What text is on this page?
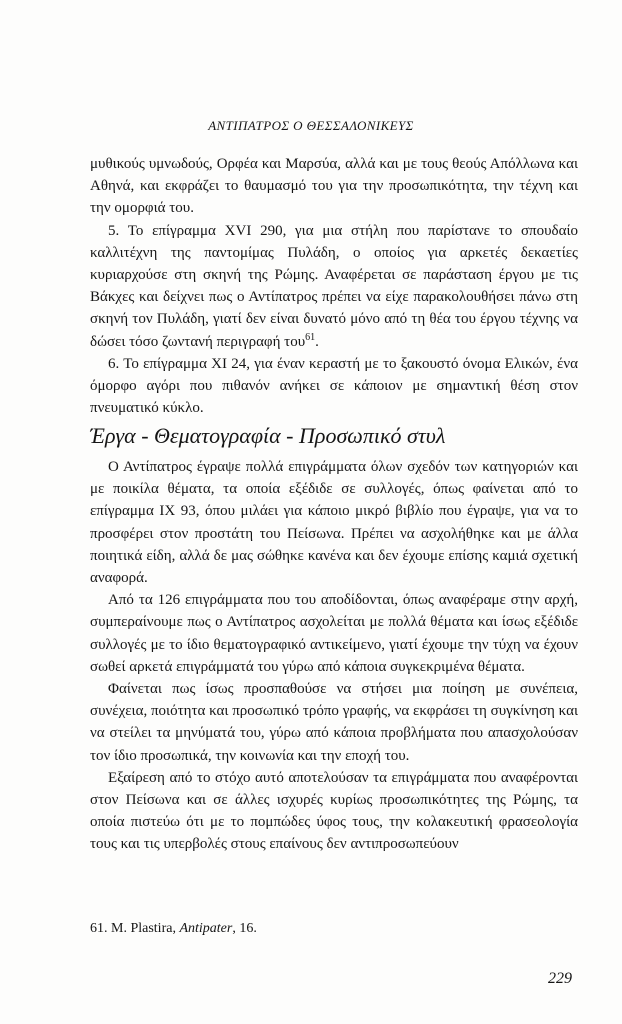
ΑΝΤΙΠΑΤΡΟΣ Ο ΘΕΣΣΑΛΟΝΙΚΕΥΣ

μυθικούς υμνωδούς, Ορφέα και Μαρσύα, αλλά και με τους θεούς Απόλλωνα και Αθηνά, και εκφράζει το θαυμασμό του για την προσωπικότητα, την τέχνη και την ομορφιά του.

5. Το επίγραμμα XVI 290, για μια στήλη που παρίστανε το σπουδαίο καλλιτέχνη της παντομίμας Πυλάδη, ο οποίος για αρκετές δεκαετίες κυριαρχούσε στη σκηνή της Ρώμης. Αναφέρεται σε παράσταση έργου με τις Βάκχες και δείχνει πως ο Αντίπατρος πρέπει να είχε παρακολουθήσει πάνω στη σκηνή τον Πυλάδη, γιατί δεν είναι δυνατό μόνο από τη θέα του έργου τέχνης να δώσει τόσο ζωντανή περιγραφή του$^{61}$.

6. Το επίγραμμα XI 24, για έναν κεραστή με το ξακουστό όνομα Ελικών, ένα όμορφο αγόρι που πιθανόν ανήκει σε κάποιον με σημαντική θέση στον πνευματικό κύκλο.

Έργα - Θεματογραφία - Προσωπικό στυλ

Ο Αντίπατρος έγραψε πολλά επιγράμματα όλων σχεδόν των κατηγοριών και με ποικίλα θέματα, τα οποία εξέδιδε σε συλλογές, όπως φαίνεται από το επίγραμμα IX 93, όπου μιλάει για κάποιο μικρό βιβλίο που έγραψε, για να το προσφέρει στον προστάτη του Πείσωνα. Πρέπει να ασχολήθηκε και με άλλα ποιητικά είδη, αλλά δε μας σώθηκε κανένα και δεν έχουμε επίσης καμιά σχετική αναφορά.

Από τα 126 επιγράμματα που του αποδίδονται, όπως αναφέραμε στην αρχή, συμπεραίνουμε πως ο Αντίπατρος ασχολείται με πολλά θέματα και ίσως εξέδιδε συλλογές με το ίδιο θεματογραφικό αντικείμενο, γιατί έχουμε την τύχη να έχουν σωθεί αρκετά επιγράμματά του γύρω από κάποια συγκεκριμένα θέματα.

Φαίνεται πως ίσως προσπαθούσε να στήσει μια ποίηση με συνέπεια, συνέχεια, ποιότητα και προσωπικό τρόπο γραφής, να εκφράσει τη συγκίνηση και να στείλει τα μηνύματά του, γύρω από κάποια προβλήματα που απασχολούσαν τον ίδιο προσωπικά, την κοινωνία και την εποχή του.

Εξαίρεση από το στόχο αυτό αποτελούσαν τα επιγράμματα που αναφέρονται στον Πείσωνα και σε άλλες ισχυρές κυρίως προσωπικότητες της Ρώμης, τα οποία πιστεύω ότι με το πομπώδες ύφος τους, την κολακευτική φρασεολογία τους και τις υπερβολές στους επαίνους δεν αντιπροσωπεύουν

61. M. Plastira, Antipater, 16.
229
